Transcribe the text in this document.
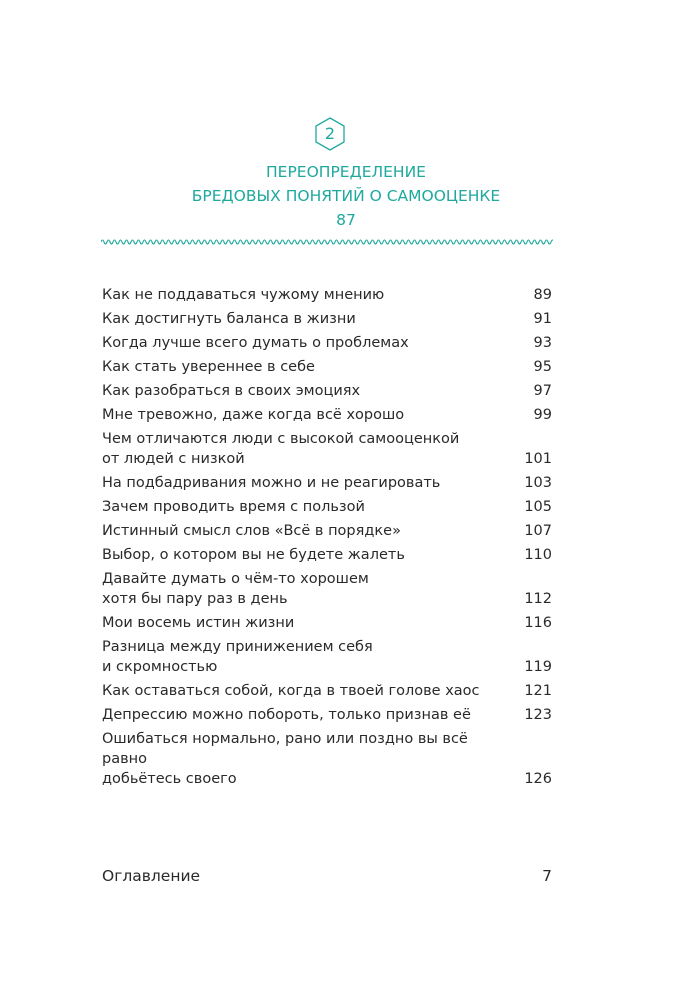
2
ПЕРЕОПРЕДЕЛЕНИЕ
БРЕДОВЫХ ПОНЯТИЙ О САМООЦЕНКЕ
87
Как не поддаваться чужому мнению	89
Как достигнуть баланса в жизни	91
Когда лучше всего думать о проблемах	93
Как стать увереннее в себе	95
Как разобраться в своих эмоциях	97
Мне тревожно, даже когда всё хорошо	99
Чем отличаются люди с высокой самооценкой
от людей с низкой	101
На подбадривания можно и не реагировать	103
Зачем проводить время с пользой	105
Истинный смысл слов «Всё в порядке»	107
Выбор, о котором вы не будете жалеть	110
Давайте думать о чём-то хорошем
хотя бы пару раз в день	112
Мои восемь истин жизни	116
Разница между принижением себя
и скромностью	119
Как оставаться собой, когда в твоей голове хаос	121
Депрессию можно побороть, только признав её	123
Ошибаться нормально, рано или поздно вы всё равно
добьётесь своего	126
Оглавление	7
